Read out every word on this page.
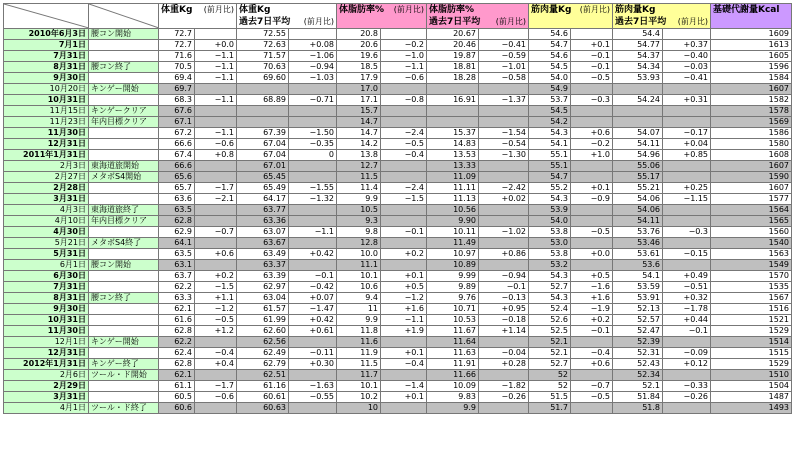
	体重Kg (前月比)		体重Kg
過去7日平均 (前月比)		体脂肪率% (前月比)		体脂肪率%
過去7日平均 (前月比)		筋肉量Kg (前月比)		筋肉量Kg
過去7日平均 (前月比)		基礎代謝量Kcal
2010年6月3日	腰コン開始	72.7		72.55		20.8		20.67		54.6		54.4		1609
7月1日		72.7	+0.0	72.63	+0.08	20.6	−0.2	20.46	−0.41	54.7	+0.1	54.77	+0.37	1613
7月31日		71.6	−1.1	71.57	−1.06	19.6	−1.0	19.87	−0.59	54.6	−0.1	54.37	−0.40	1605
8月31日	腰コン終了	70.5	−1.1	70.63	−0.94	18.5	−1.1	18.81	−1.01	54.5	−0.1	54.34	−0.03	1596
9月30日		69.4	−1.1	69.60	−1.03	17.9	−0.6	18.28	−0.58	54.0	−0.5	53.93	−0.41	1584
10月20日	キンゲー開始	69.7				17.0				54.9				1607
10月31日		68.3	−1.1	68.89	−0.71	17.1	−0.8	16.91	−1.37	53.7	−0.3	54.24	+0.31	1582
11月15日	キンゲークリア	67.6				15.7				54.5				1578
11月23日	年内目標クリア	67.1				14.7				54.2				1569
11月30日		67.2	−1.1	67.39	−1.50	14.7	−2.4	15.37	−1.54	54.3	+0.6	54.07	−0.17	1586
12月31日		66.6	−0.6	67.04	−0.35	14.2	−0.5	14.83	−0.54	54.1	−0.2	54.11	+0.04	1580
2011年1月31日		67.4	+0.8	67.04	0	13.8	−0.4	13.53	−1.30	55.1	+1.0	54.96	+0.85	1608
2月3日	東海道旅開始	66.6		67.01		12.7		13.33		55.1		55.06		1607
2月27日	メタボS4開始	65.6		65.45		11.5		11.09		54.7		55.17		1590
2月28日		65.7	−1.7	65.49	−1.55	11.4	−2.4	11.11	−2.42	55.2	+0.1	55.21	+0.25	1607
3月31日		63.6	−2.1	64.17	−1.32	9.9	−1.5	11.13	+0.02	54.3	−0.9	54.06	−1.15	1577
4月3日	東海道旅終了	63.5		63.77		10.5		10.56		53.9		54.06		1564
4月10日	年内目標クリア	62.8		63.36		9.3		9.90		54.0		54.11		1565
4月30日		62.9	−0.7	63.07	−1.1	9.8	−0.1	10.11	−1.02	53.8	−0.5	53.76	−0.3	1560
5月21日	メタボS4終了	64.1		63.67		12.8		11.49		53.0		53.46		1540
5月31日		63.5	+0.6	63.49	+0.42	10.0	+0.2	10.97	+0.86	53.8	+0.0	53.61	−0.15	1563
6月1日	腰コン開始	63.1		63.37		11.1		10.89		53.2		53.6		1549
6月30日		63.7	+0.2	63.39	−0.1	10.1	+0.1	9.99	−0.94	54.3	+0.5	54.1	+0.49	1570
7月31日		62.2	−1.5	62.97	−0.42	10.6	+0.5	9.89	−0.1	52.7	−1.6	53.59	−0.51	1535
8月31日	腰コン終了	63.3	+1.1	63.04	+0.07	9.4	−1.2	9.76	−0.13	54.3	+1.6	53.91	+0.32	1567
9月30日		62.1	−1.2	61.57	−1.47	11	+1.6	10.71	+0.95	52.4	−1.9	52.13	−1.78	1516
10月31日		61.6	−0.5	61.99	+0.42	9.9	−1.1	10.53	−0.18	52.6	+0.2	52.57	+0.44	1521
11月30日		62.8	+1.2	62.60	+0.61	11.8	+1.9	11.67	+1.14	52.5	−0.1	52.47	−0.1	1529
12月1日	キンゲー開始	62.2		62.56		11.6		11.64		52.1		52.39		1514
12月31日		62.4	−0.4	62.49	−0.11	11.9	+0.1	11.63	−0.04	52.1	−0.4	52.31	−0.09	1515
2012年1月31日	キンゲー終了	62.8	+0.4	62.79	+0.30	11.5	−0.4	11.91	+0.28	52.7	+0.6	52.43	+0.12	1529
2月6日	ツール・ド開始	62.1		62.51		11.7		11.66		52		52.34		1510
2月29日		61.1	−1.7	61.16	−1.63	10.1	−1.4	10.09	−1.82	52	−0.7	52.1	−0.33	1504
3月31日		60.5	−0.6	60.61	−0.55	10.2	+0.1	9.83	−0.26	51.5	−0.5	51.84	−0.26	1487
4月1日	ツール・ド終了	60.6		60.63		10		9.9		51.7		51.8		1493
